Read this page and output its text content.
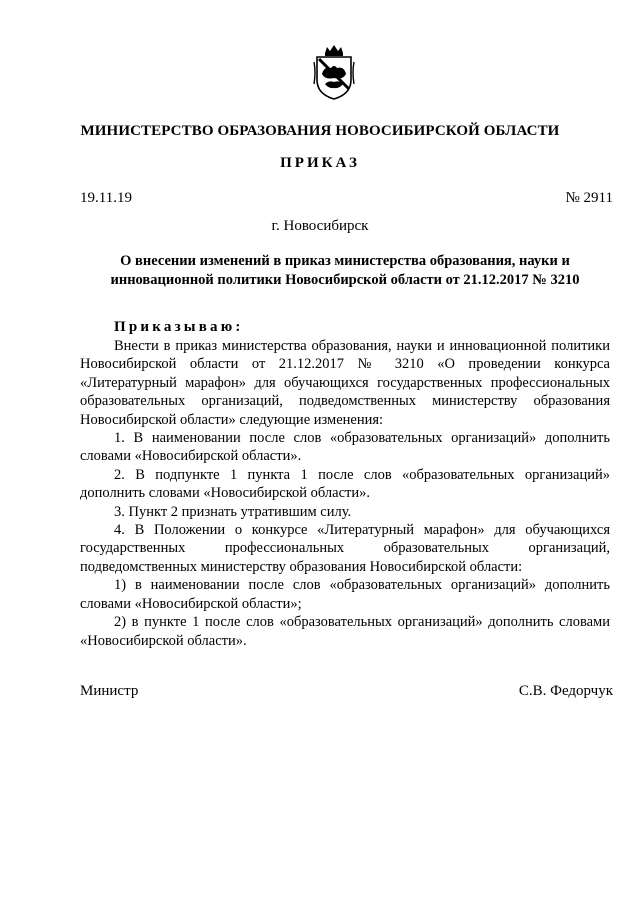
МИНИСТЕРСТВО ОБРАЗОВАНИЯ НОВОСИБИРСКОЙ ОБЛАСТИ
ПРИКАЗ
19.11.19	№ 2911
г. Новосибирск
О внесении изменений в приказ министерства образования, науки и
инновационной политики Новосибирской области от 21.12.2017 № 3210
Приказываю:

Внести в приказ министерства образования, науки и инновационной политики Новосибирской области от 21.12.2017 № 3210 «О проведении конкурса «Литературный марафон» для обучающихся государственных профессиональных образовательных организаций, подведомственных министерству образования Новосибирской области» следующие изменения:

1. В наименовании после слов «образовательных организаций» дополнить словами «Новосибирской области».

2. В подпункте 1 пункта 1 после слов «образовательных организаций» дополнить словами «Новосибирской области».

3. Пункт 2 признать утратившим силу.

4. В Положении о конкурсе «Литературный марафон» для обучающихся государственных профессиональных образовательных организаций, подведомственных министерству образования Новосибирской области:

1) в наименовании после слов «образовательных организаций» дополнить словами «Новосибирской области»;

2) в пункте 1 после слов «образовательных организаций» дополнить словами «Новосибирской области».

Министр	С.В. Федорчук
